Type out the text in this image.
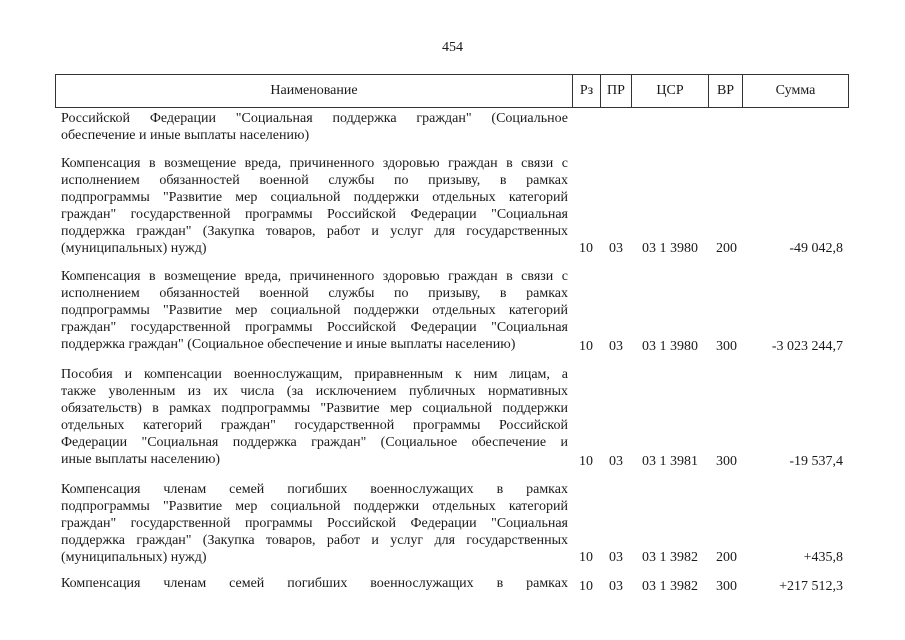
454
Наименование	Рз ПР	ЦСР	ВР	Сумма
Российской Федерации "Социальная поддержка граждан" (Социальное
обеспечение и иные выплаты населению)
Компенсация в возмещение вреда, причиненного здоровью граждан в связи с
исполнением обязанностей военной службы по призыву, в рамках
подпрограммы "Развитие мер социальной поддержки отдельных категорий
граждан" государственной программы Российской Федерации "Социальная
поддержка граждан" (Закупка товаров, работ и услуг для государственных
(муниципальных) нужд)	10 03 03 1 3980 200	-49 042,8
Компенсация в возмещение вреда, причиненного здоровью граждан в связи с
исполнением обязанностей военной службы по призыву, в рамках
подпрограммы "Развитие мер социальной поддержки отдельных категорий
граждан" государственной программы Российской Федерации "Социальная
поддержка граждан" (Социальное обеспечение и иные выплаты населению)	10 03 03 1 3980 300 -3 023 244,7
Пособия и компенсации военнослужащим, приравненным к ним лицам, а
также уволенным из их числа (за исключением публичных нормативных
обязательств) в рамках подпрограммы "Развитие мер социальной поддержки
отдельных категорий граждан" государственной программы Российской
Федерации "Социальная поддержка граждан" (Социальное обеспечение и
иные выплаты населению)	10 03 03 1 3981 300	-19 537,4
Компенсация членам семей погибших военнослужащих в рамках
подпрограммы "Развитие мер социальной поддержки отдельных категорий
граждан" государственной программы Российской Федерации "Социальная
поддержка граждан" (Закупка товаров, работ и услуг для государственных
(муниципальных) нужд)	10 03 03 1 3982 200	+435,8
Компенсация членам семей погибших военнослужащих в рамках 10 03 03 1 3982 300	+217 512,3
